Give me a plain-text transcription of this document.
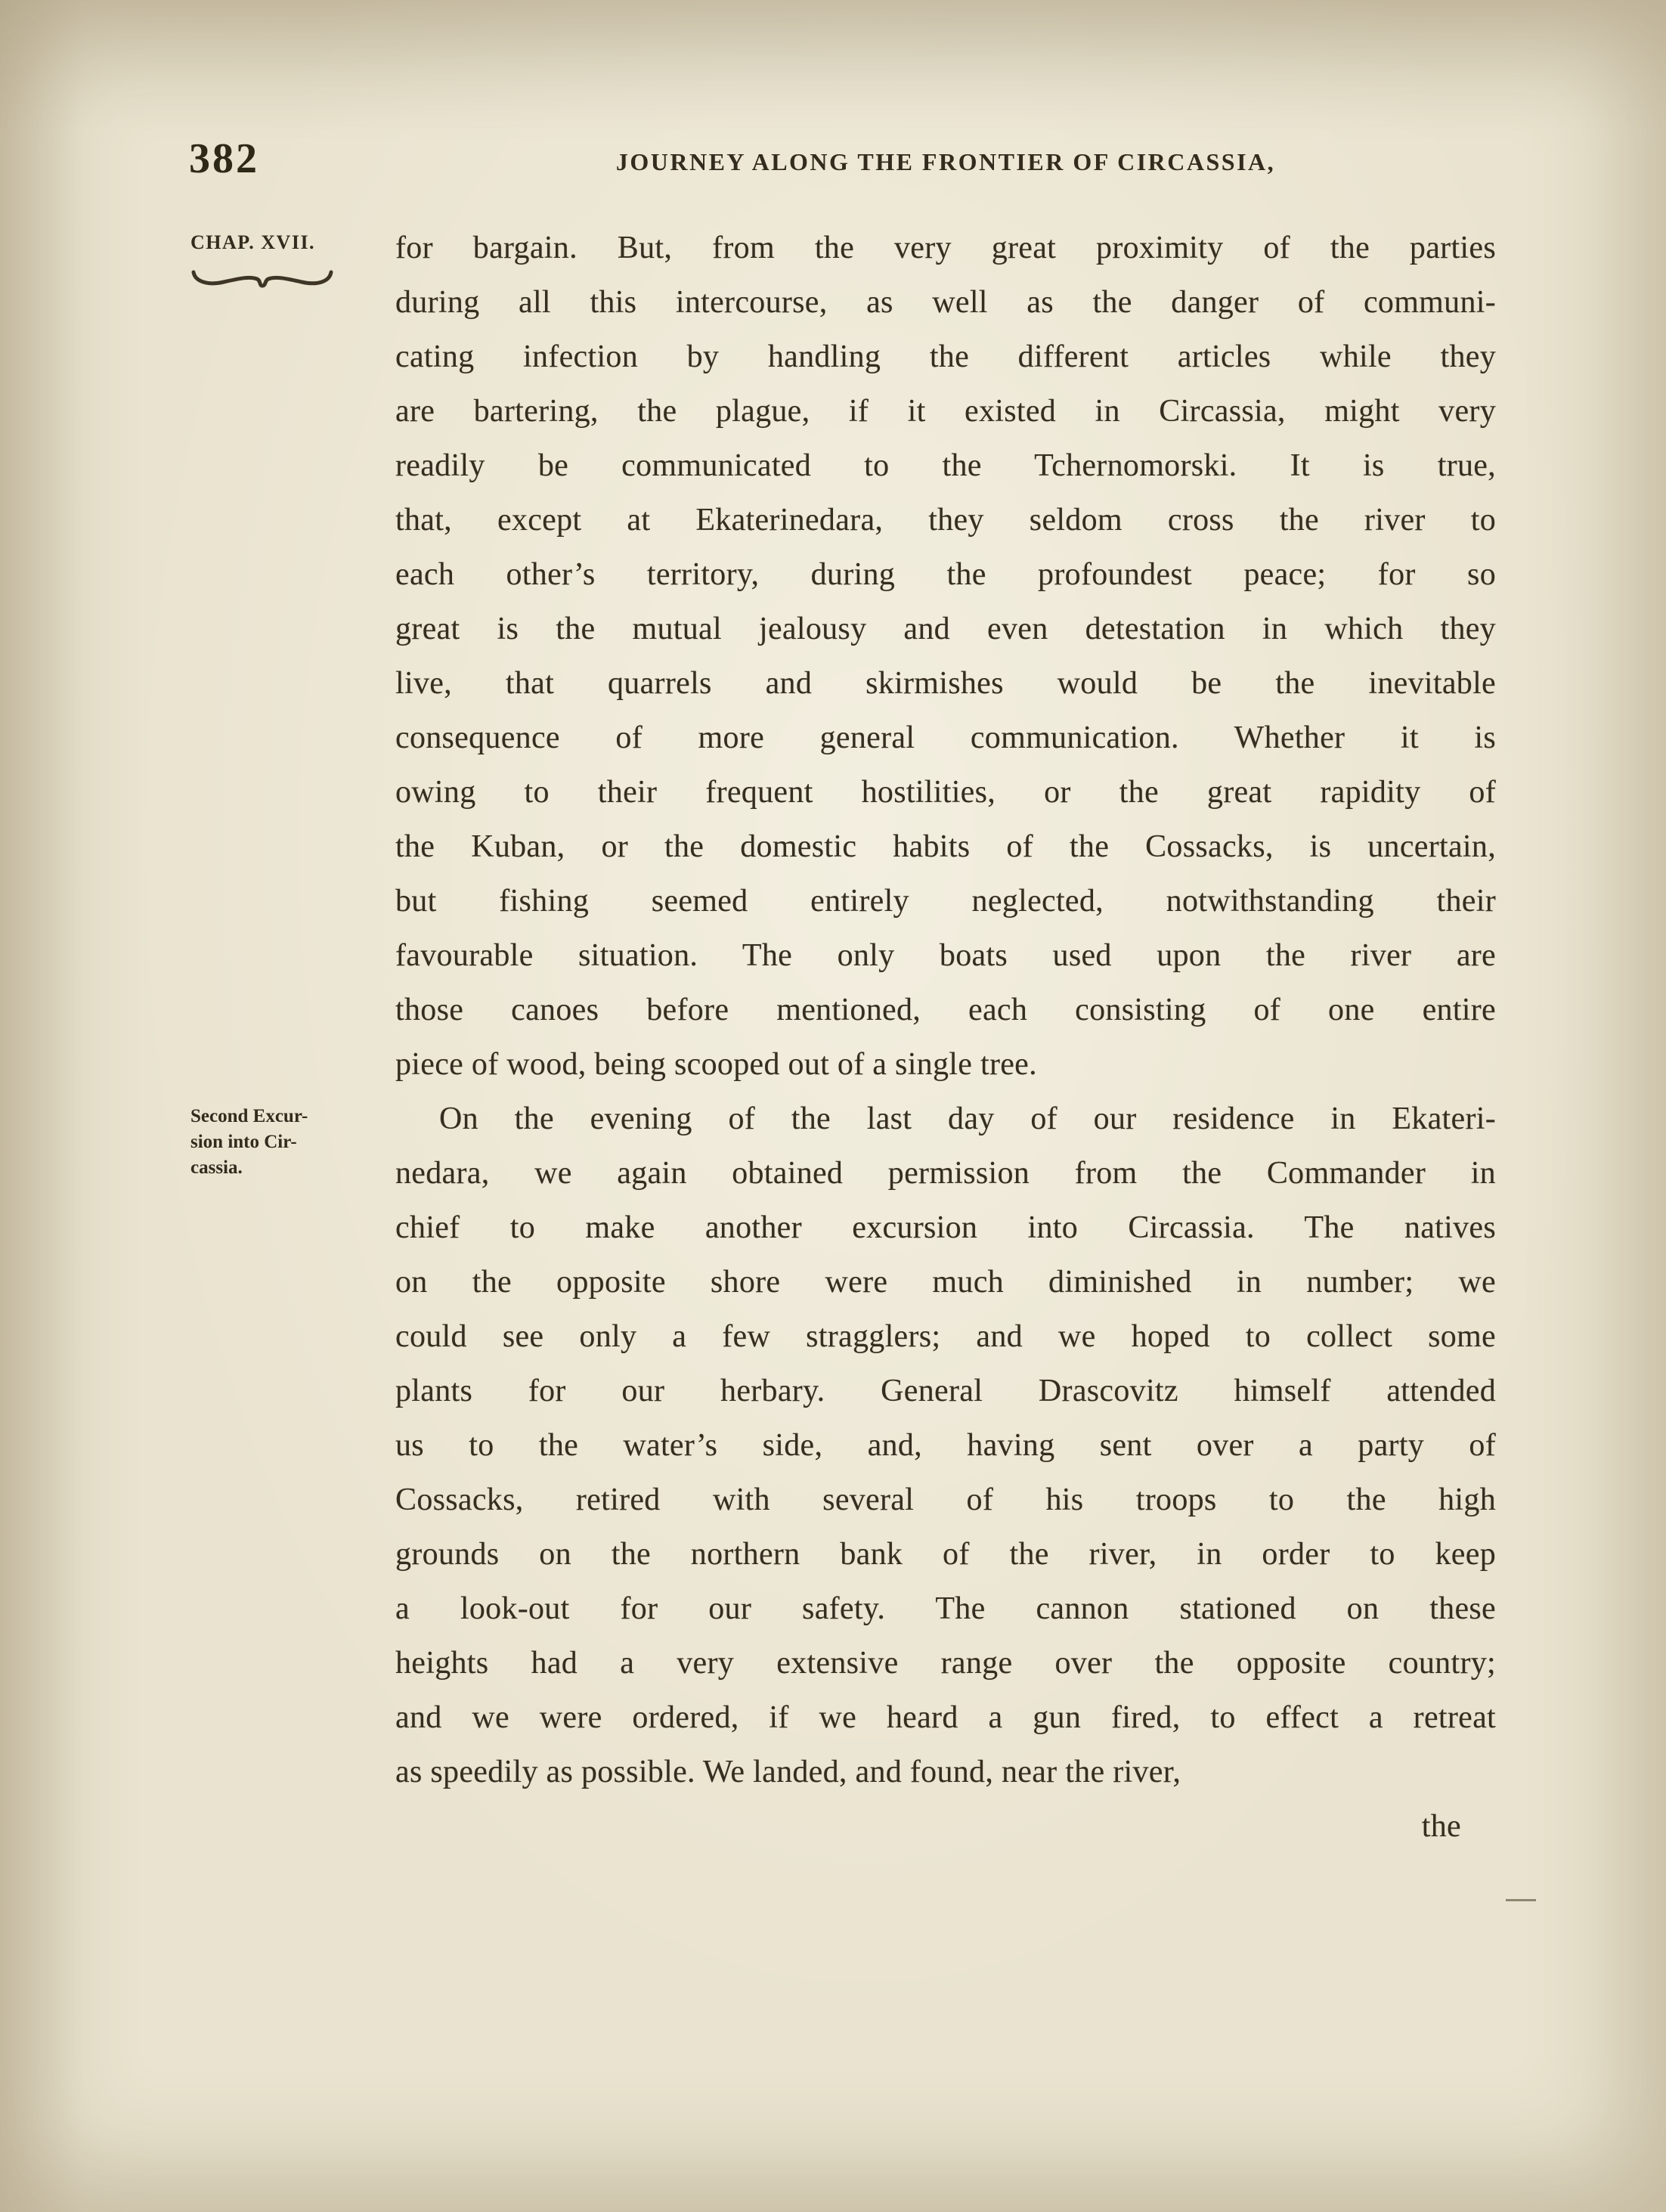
382	JOURNEY ALONG THE FRONTIER OF CIRCASSIA,
CHAP. XVII.
Second Excur-
sion into Cir-
cassia.
for bargain. But, from the very great proximity of the parties
during all this intercourse, as well as the danger of communi-
cating infection by handling the different articles while they
are bartering, the plague, if it existed in Circassia, might very
readily be communicated to the Tchernomorski. It is true,
that, except at Ekaterinedara, they seldom cross the river to
each other’s territory, during the profoundest peace; for so
great is the mutual jealousy and even detestation in which they
live, that quarrels and skirmishes would be the inevitable
consequence of more general communication. Whether it is
owing to their frequent hostilities, or the great rapidity of
the Kuban, or the domestic habits of the Cossacks, is uncertain,
but fishing seemed entirely neglected, notwithstanding their
favourable situation. The only boats used upon the river are
those canoes before mentioned, each consisting of one entire
piece of wood, being scooped out of a single tree.
On the evening of the last day of our residence in Ekateri-
nedara, we again obtained permission from the Commander in
chief to make another excursion into Circassia. The natives
on the opposite shore were much diminished in number; we
could see only a few stragglers; and we hoped to collect some
plants for our herbary. General Drascovitz himself attended
us to the water’s side, and, having sent over a party of
Cossacks, retired with several of his troops to the high
grounds on the northern bank of the river, in order to keep
a look-out for our safety. The cannon stationed on these
heights had a very extensive range over the opposite country;
and we were ordered, if we heard a gun fired, to effect a retreat
as speedily as possible. We landed, and found, near the river,
the
